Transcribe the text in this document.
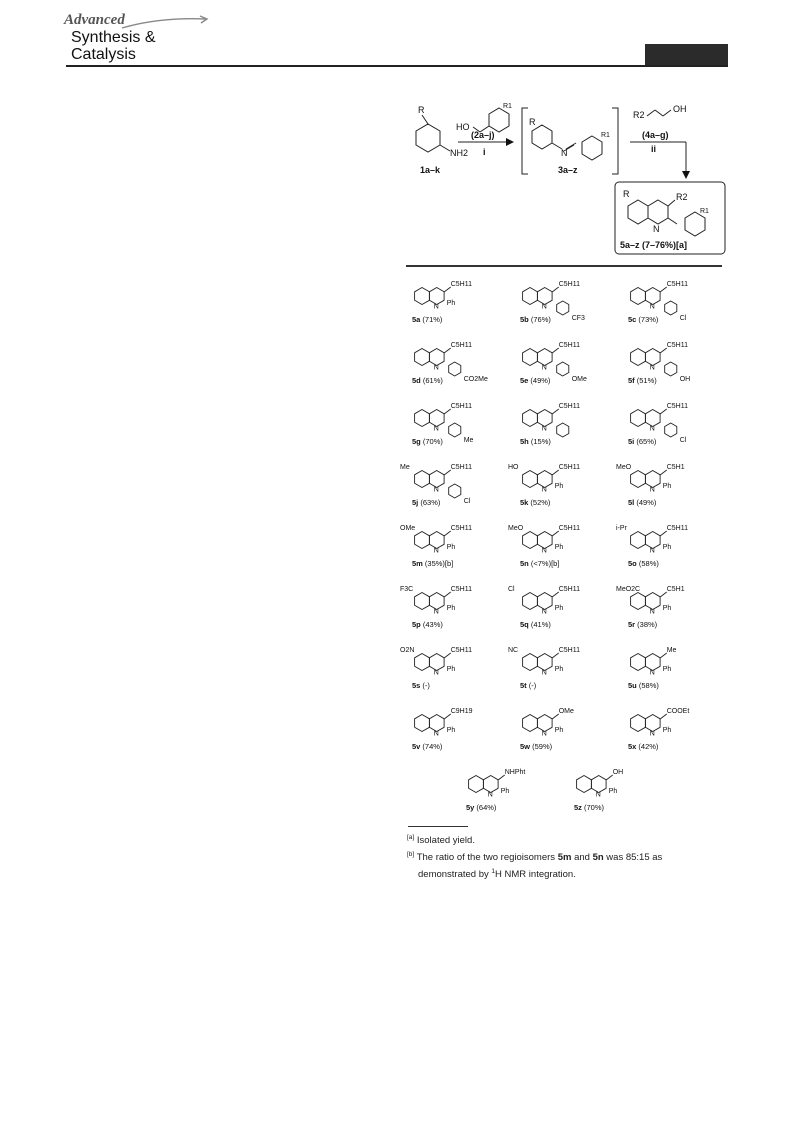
Advanced
Synthesis &
Catalysis
R
NH2
1a–k
HO
R1
(2a–j)
i
R
N
R1
3a–z
R2
OH
(4a–g)
ii
R	R2
R1
N
5a–z (7–76%)[a]
N
C5H11
Ph
5a (71%)
N
C5H11
CF3
5b (76%)
N
C5H11
Cl
5c (73%)
N
C5H11
CO2Me
5d (61%)
N
C5H11
OMe
5e (49%)
N
C5H11
OH
5f (51%)
N
C5H11
Me
5g (70%)
N
C5H11
5h (15%)
N
C5H11
Cl
5i (65%)
N
C5H11
Cl
Me
5j (63%)
N
C5H11
Ph
HO
5k (52%)
N
C5H1
Ph
MeO
5l (49%)
N
C5H11
Ph
OMe
5m (35%)[b]
N
C5H11
Ph
MeO
5n (<7%)[b]
N
C5H11
Ph
i-Pr
5o (58%)
N
C5H11
Ph
F3C
5p (43%)
N
C5H11
Ph
Cl
5q (41%)
N
C5H1
Ph
MeO2C
5r (38%)
N
C5H11
Ph
O2N
5s (-)
N
C5H11
Ph
NC
5t (-)
N
Me
Ph
5u (58%)
N
C9H19
Ph
5v (74%)
N
OMe
Ph
5w (59%)
N
COOEt
Ph
5x (42%)
N
NHPht
Ph
5y (64%)
N
OH
Ph
5z (70%)

[a] Isolated yield.

[b] The ratio of the two regioisomers 5m and 5n was 85:15 as
demonstrated by $^1$H NMR integration.
